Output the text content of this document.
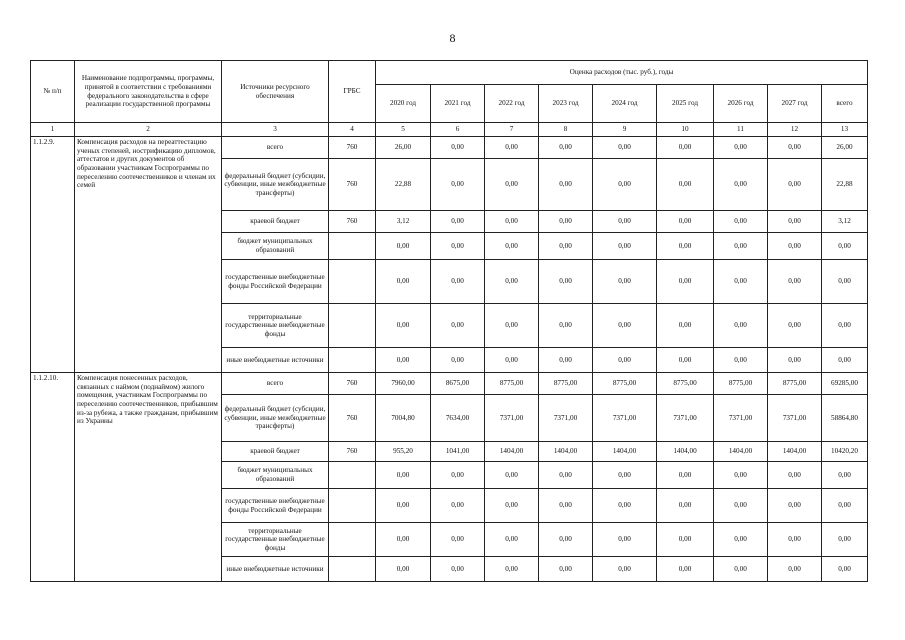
8
№ п/п	Наименование подпрограммы, программы, принятой в соответствии с требованиями федерального законодательства в сфере реализации государственной программы	Источники ресурсного обеспечения	ГРБС	Оценка расходов (тыс. руб.), годы								
				2020 год	2021 год	2022 год	2023 год	2024 год	2025 год	2026 год	2027 год	всего
1	2	3	4	5	6	7	8	9	10	11	12	13
1.1.2.9.	Компенсация расходов на переаттестацию ученых степеней, нострификацию дипломов, аттестатов и других документов об образовании участникам Госпрограммы по переселению соотечественников и членам их семей	всего	760	26,00	0,00	0,00	0,00	0,00	0,00	0,00	0,00	26,00
		федеральный бюджет (субсидии, субвенции, иные межбюджетные трансферты)	760	22,88	0,00	0,00	0,00	0,00	0,00	0,00	0,00	22,88
		краевой бюджет	760	3,12	0,00	0,00	0,00	0,00	0,00	0,00	0,00	3,12
		бюджет муниципальных образований		0,00	0,00	0,00	0,00	0,00	0,00	0,00	0,00	0,00
		государственные внебюджетные фонды Российской Федерации		0,00	0,00	0,00	0,00	0,00	0,00	0,00	0,00	0,00
		территориальные государственные внебюджетные фонды		0,00	0,00	0,00	0,00	0,00	0,00	0,00	0,00	0,00
		иные внебюджетные источники		0,00	0,00	0,00	0,00	0,00	0,00	0,00	0,00	0,00
1.1.2.10.	Компенсация понесенных расходов, связанных с наймом (поднаймом) жилого помещения, участникам Госпрограммы по переселению соотечественников, прибывшим из-за рубежа, а также гражданам, прибывшим из Украины	всего	760	7960,00	8675,00	8775,00	8775,00	8775,00	8775,00	8775,00	8775,00	69285,00
		федеральный бюджет (субсидии, субвенции, иные межбюджетные трансферты)	760	7004,80	7634,00	7371,00	7371,00	7371,00	7371,00	7371,00	7371,00	58864,80
		краевой бюджет	760	955,20	1041,00	1404,00	1404,00	1404,00	1404,00	1404,00	1404,00	10420,20
		бюджет муниципальных образований		0,00	0,00	0,00	0,00	0,00	0,00	0,00	0,00	0,00
		государственные внебюджетные фонды Российской Федерации		0,00	0,00	0,00	0,00	0,00	0,00	0,00	0,00	0,00
		территориальные государственные внебюджетные фонды		0,00	0,00	0,00	0,00	0,00	0,00	0,00	0,00	0,00
		иные внебюджетные источники		0,00	0,00	0,00	0,00	0,00	0,00	0,00	0,00	0,00
